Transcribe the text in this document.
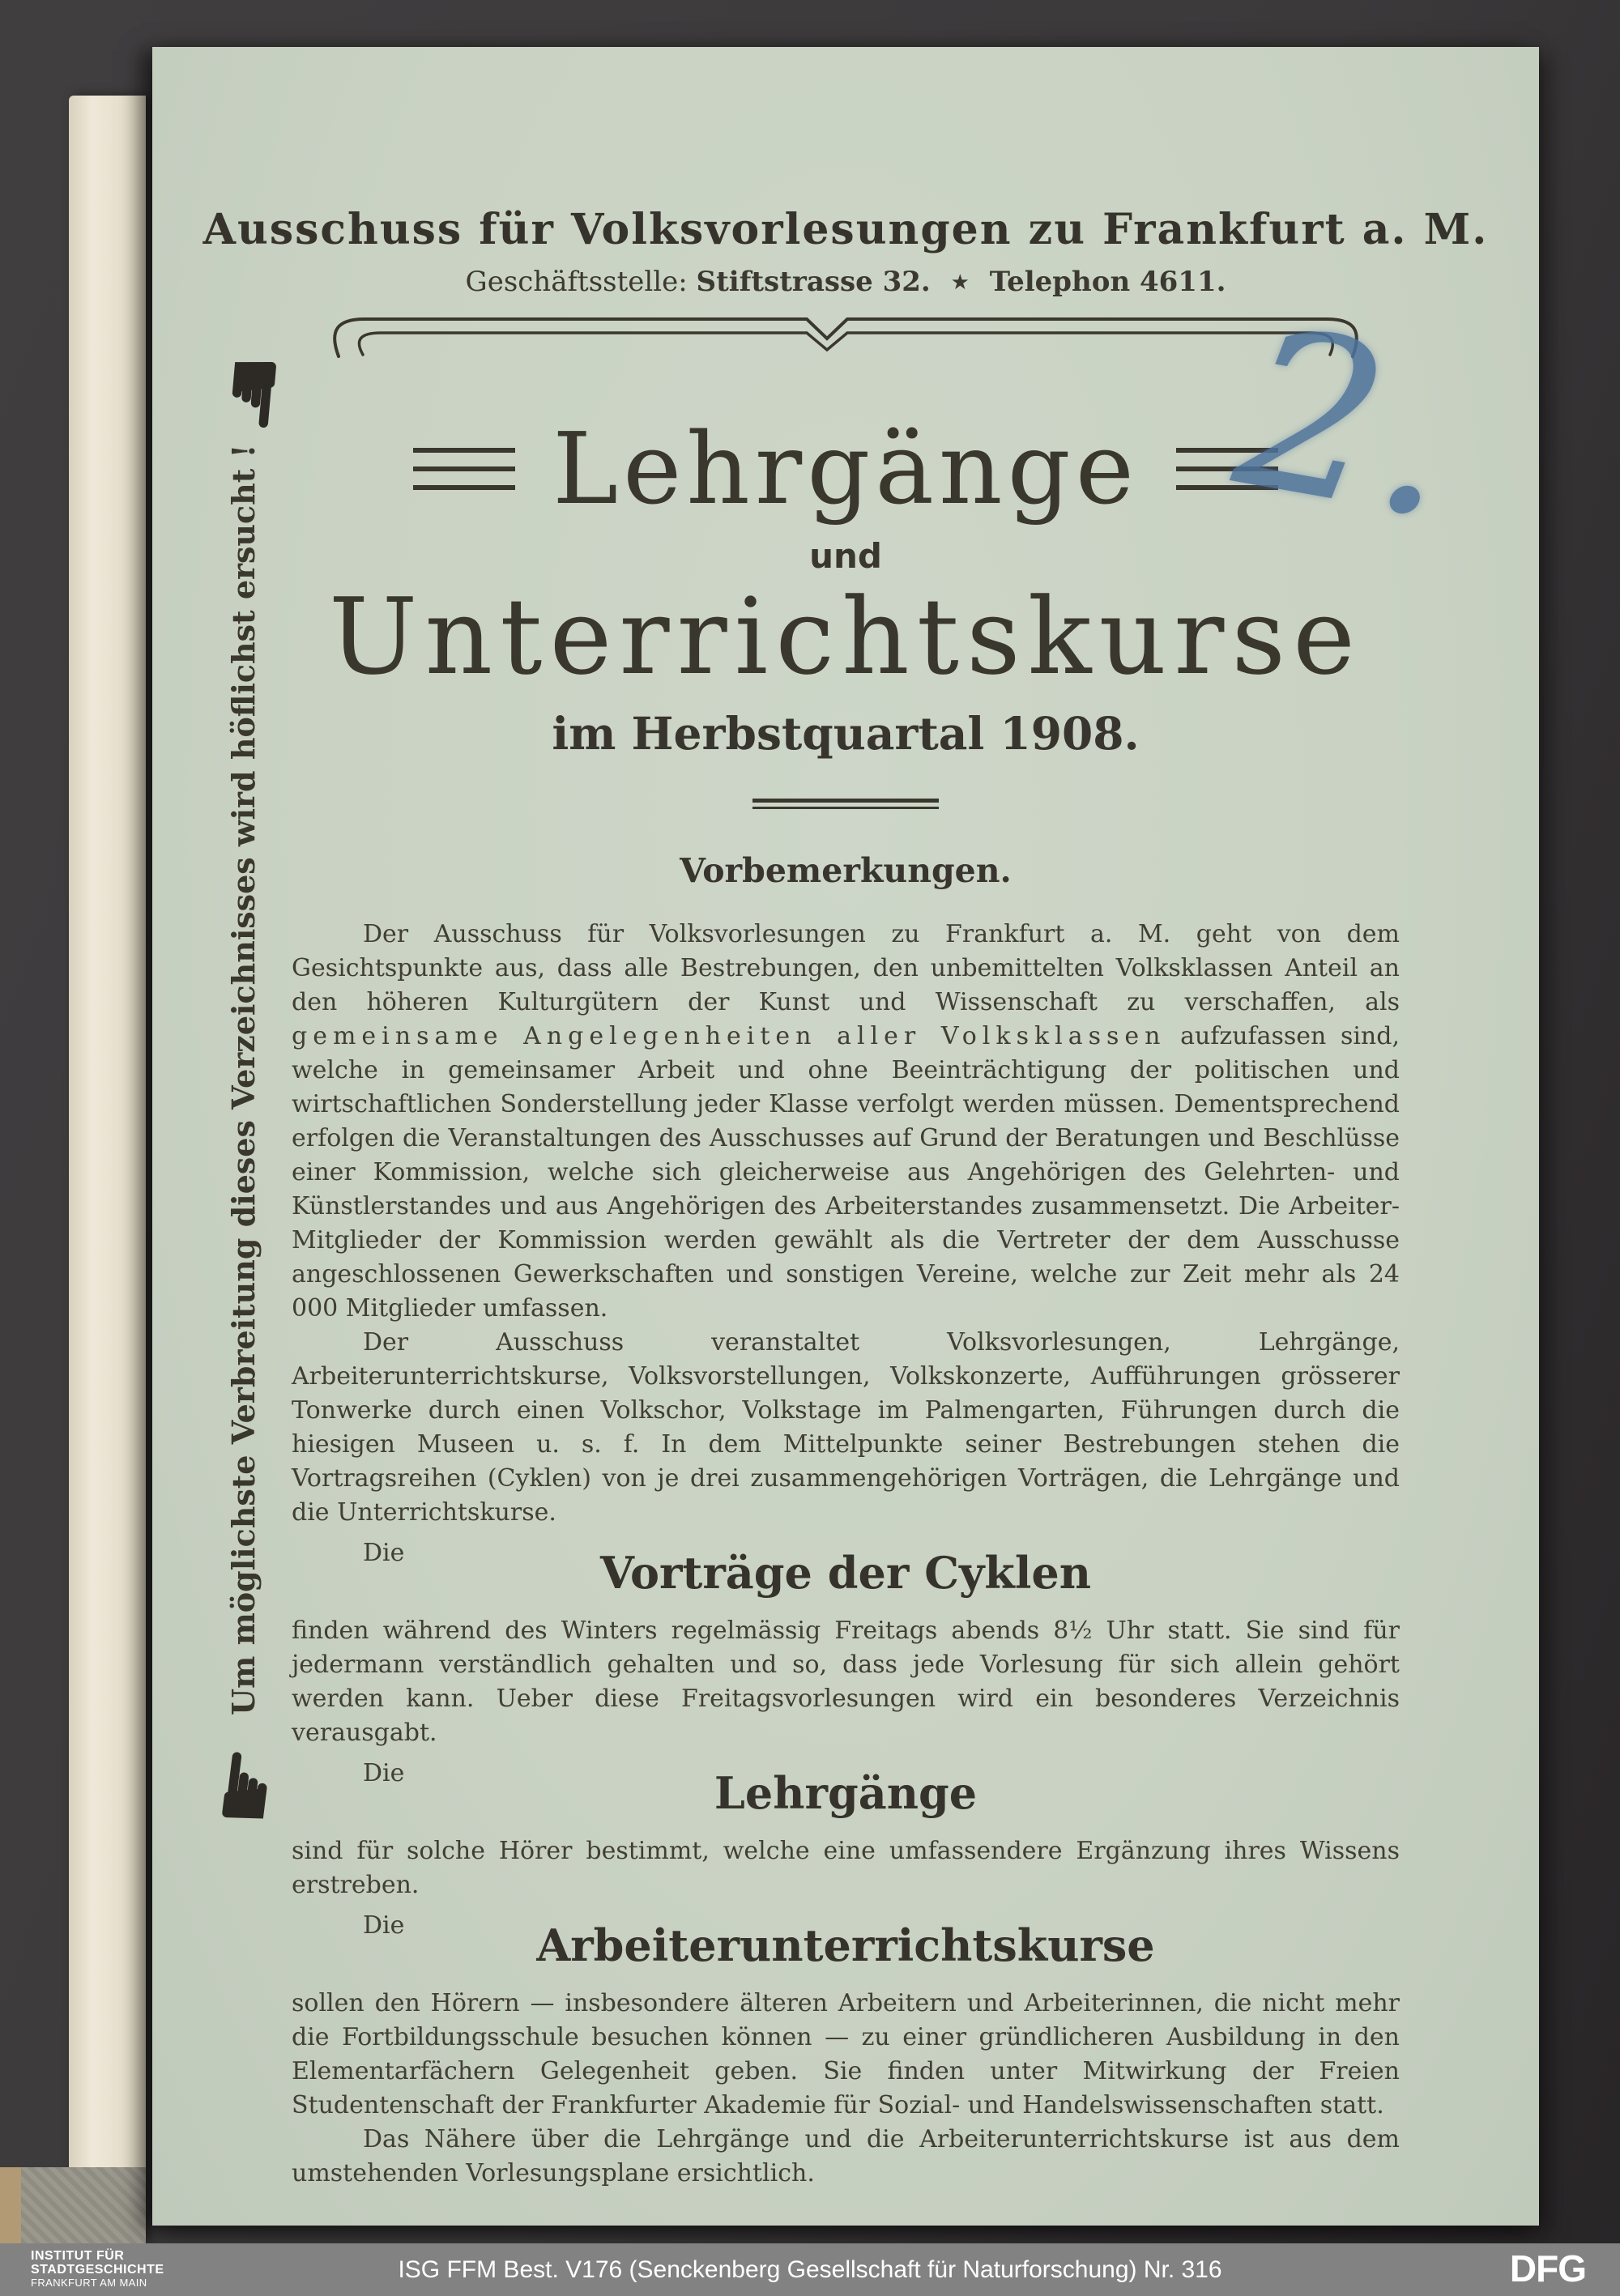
Ausschuss für Volksvorlesungen zu Frankfurt a. M.
Geschäftsstelle: Stiftstrasse 32. ★ Telephon 4611.
Lehrgänge
und
Unterrichtskurse
im Herbstquartal 1908.
Vorbemerkungen.

Der Ausschuss für Volksvorlesungen zu Frankfurt a. M. geht von dem Gesichtspunkte aus, dass alle Bestrebungen, den unbemittelten Volksklassen Anteil an den höheren Kulturgütern der Kunst und Wissenschaft zu verschaffen, als gemeinsame Angelegenheiten aller Volksklassen aufzufassen sind, welche in gemeinsamer Arbeit und ohne Beeinträchtigung der politischen und wirtschaftlichen Sonderstellung jeder Klasse verfolgt werden müssen. Dementsprechend erfolgen die Veranstaltungen des Ausschusses auf Grund der Beratungen und Beschlüsse einer Kommission, welche sich gleicherweise aus Angehörigen des Gelehrten- und Künstlerstandes und aus Angehörigen des Arbeiterstandes zusammensetzt. Die Arbeiter-Mitglieder der Kommission werden gewählt als die Vertreter der dem Ausschusse angeschlossenen Gewerkschaften und sonstigen Vereine, welche zur Zeit mehr als 24 000 Mitglieder umfassen.

Der Ausschuss veranstaltet Volksvorlesungen, Lehrgänge, Arbeiterunterrichtskurse, Volksvorstellungen, Volkskonzerte, Aufführungen grösserer Tonwerke durch einen Volkschor, Volkstage im Palmengarten, Führungen durch die hiesigen Museen u. s. f. In dem Mittelpunkte seiner Bestrebungen stehen die Vortragsreihen (Cyklen) von je drei zusammengehörigen Vorträgen, die Lehrgänge und die Unterrichtskurse.

Die	Vorträge der Cyklen

finden während des Winters regelmässig Freitags abends 8½ Uhr statt. Sie sind für jedermann verständlich gehalten und so, dass jede Vorlesung für sich allein gehört werden kann. Ueber diese Freitagsvorlesungen wird ein besonderes Verzeichnis verausgabt.

Die	Lehrgänge

sind für solche Hörer bestimmt, welche eine umfassendere Ergänzung ihres Wissens erstreben.

Die	Arbeiterunterrichtskurse

sollen den Hörern — insbesondere älteren Arbeitern und Arbeiterinnen, die nicht mehr die Fortbildungsschule besuchen können — zu einer gründlicheren Ausbildung in den Elementarfächern Gelegenheit geben. Sie finden unter Mitwirkung der Freien Studentenschaft der Frankfurter Akademie für Sozial- und Handelswissenschaften statt.

Das Nähere über die Lehrgänge und die Arbeiterunterrichtskurse ist aus dem umstehenden Vorlesungsplane ersichtlich.

Um möglichste Verbreitung dieses Verzeichnisses wird höflichst ersucht !
☛
☛
2.
INSTITUT FÜR
STADTGESCHICHTE
FRANKFURT AM MAIN	ISG FFM Best. V176 (Senckenberg Gesellschaft für Naturforschung) Nr. 316	DFG
